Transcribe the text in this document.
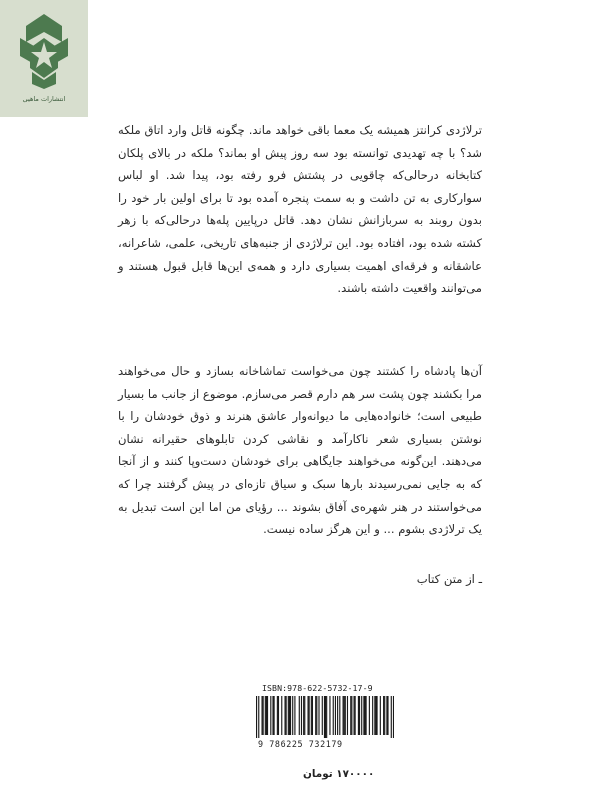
انتشارات ماهیی

ترلاژدی کرانتز همیشه یک معما باقی خواهد ماند. چگونه قاتل وارد اتاق ملکه شد؟ با چه تهدیدی توانسته بود سه روز پیش او بماند؟ ملکه در بالای پلکان کتابخانه درحالی‌که چاقویی در پشتش فرو رفته بود، پیدا شد. او لباس سوارکاری به تن داشت و به سمت پنجره آمده بود تا برای اولین بار خود را بدون روبند به سربازانش نشان دهد. قاتل درپایین پله‌ها درحالی‌که با زهر کشته شده بود، افتاده بود. این ترلاژدی از جنبه‌های تاریخی، علمی، شاعرانه، عاشقانه و فرقه‌ای اهمیت بسیاری دارد و همه‌ی این‌ها قابل قبول هستند و می‌توانند واقعیت داشته باشند.

آن‌ها پادشاه را کشتند چون می‌خواست تماشاخانه بسازد و حال می‌خواهند مرا بکشند چون پشت سر هم دارم قصر می‌سازم. موضوع از جانب ما بسیار طبیعی است؛ خانواده‌هایی ما دیوانه‌وار عاشق هنرند و ذوق خودشان را با نوشتن بسیاری شعر ناکارآمد و نقاشی کردن تابلوهای حقیرانه نشان می‌دهند. این‌گونه می‌خواهند جایگاهی برای خودشان دست‌وپا کنند و از آنجا که به جایی نمی‌رسیدند بارها سبک و سیاق تازه‌ای در پیش گرفتند چرا که می‌خواستند در هنر شهره‌ی آفاق بشوند ... رؤیای من اما این است تبدیل به یک ترلاژدی بشوم ... و این هرگز ساده نیست.

ـ از متن کتاب
ISBN:978-622-5732-17-9
9 786225 732179
۱۷۰۰۰۰ تومان
